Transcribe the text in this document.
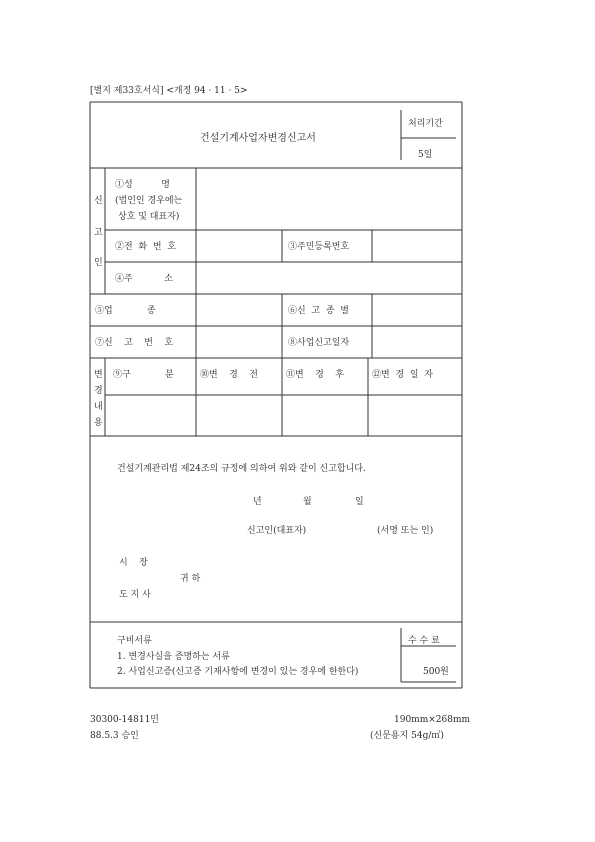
[별지 제33호서식] <개정 94 · 11 · 5>
건설기계사업자변경신고서
처리기간
5일
신
고
인
①성          명
(법인인 경우에는
상호 및 대표자)
②전  화  번  호	③주민등록번호
④주           소
⑤업            종	⑥신  고  종  별
⑦신    고    번    호	⑧사업신고일자
변
경
내
용
⑨구            분	⑩변    경    전	⑪변    경    후	⑫변  경  일  자
건설기계관리법 제24조의 규정에 의하여 위와 같이 신고합니다.
년	월	일
신고인(대표자)	(서명 또는 인)
시    장
귀 하
도 지 사
구비서류
1. 변경사실을 증명하는 서류
2. 사업신고증(신고증 기재사항에 변경이 있는 경우에 한한다)
수 수 료
500원
30300-14811민
88.5.3 승인
190mm×268mm
(신문용지 54g/㎡)
